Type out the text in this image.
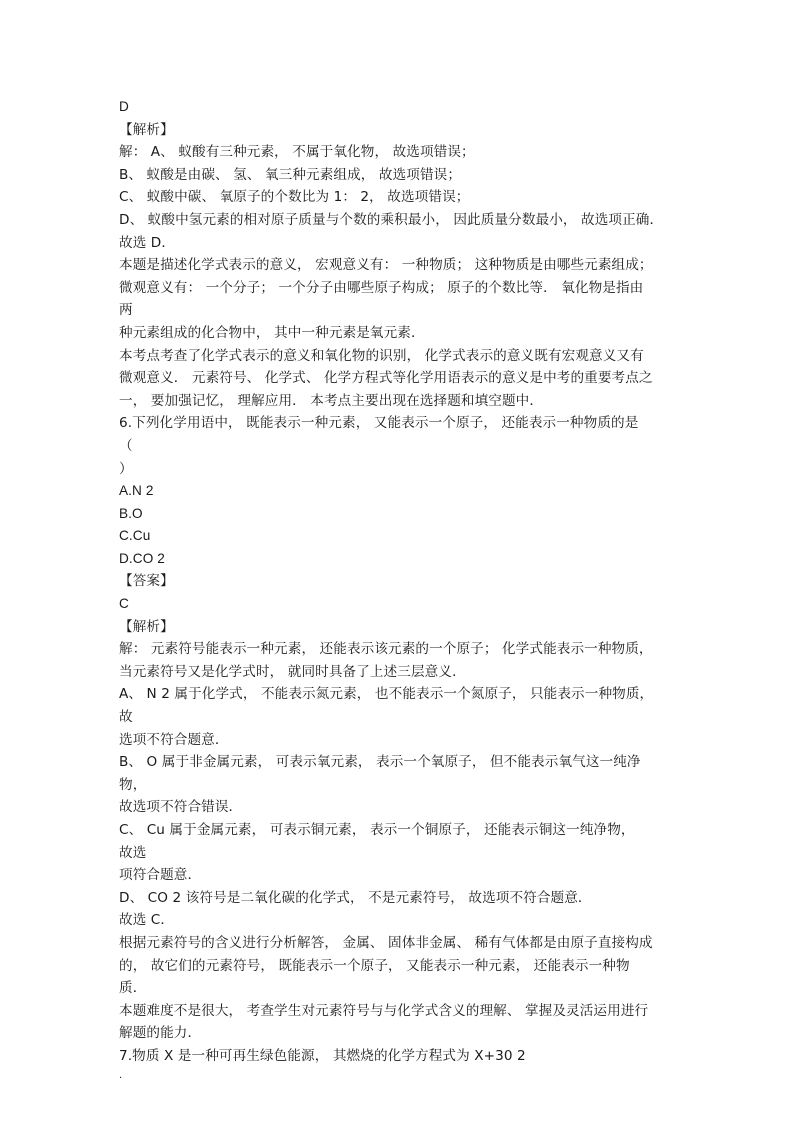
D
【解析】
解： A、 蚁酸有三种元素， 不属于氧化物， 故选项错误；
B、 蚁酸是由碳、 氢、 氧三种元素组成， 故选项错误；
C、 蚁酸中碳、 氧原子的个数比为 1： 2， 故选项错误；
D、 蚁酸中氢元素的相对原子质量与个数的乘积最小， 因此质量分数最小， 故选项正确．
故选 D．
本题是描述化学式表示的意义， 宏观意义有： 一种物质； 这种物质是由哪些元素组成；
微观意义有： 一个分子； 一个分子由哪些原子构成； 原子的个数比等． 氧化物是指由
两
种元素组成的化合物中， 其中一种元素是氧元素．
本考点考查了化学式表示的意义和氧化物的识别， 化学式表示的意义既有宏观意义又有
微观意义． 元素符号、 化学式、 化学方程式等化学用语表示的意义是中考的重要考点之
一， 要加强记忆， 理解应用． 本考点主要出现在选择题和填空题中．
6.下列化学用语中， 既能表示一种元素， 又能表示一个原子， 还能表示一种物质的是
（
）
A.N 2
B.O
C.Cu
D.CO 2
【答案】
C
【解析】
解： 元素符号能表示一种元素， 还能表示该元素的一个原子； 化学式能表示一种物质，
当元素符号又是化学式时， 就同时具备了上述三层意义．
A、 N 2 属于化学式， 不能表示氮元素， 也不能表示一个氮原子， 只能表示一种物质，
故
选项不符合题意．
B、 O 属于非金属元素， 可表示氧元素， 表示一个氧原子， 但不能表示氧气这一纯净
物，
故选项不符合错误．
C、 Cu 属于金属元素， 可表示铜元素， 表示一个铜原子， 还能表示铜这一纯净物，
故选
项符合题意．
D、 CO 2 该符号是二氧化碳的化学式， 不是元素符号， 故选项不符合题意．
故选 C．
根据元素符号的含义进行分析解答， 金属、 固体非金属、 稀有气体都是由原子直接构成
的， 故它们的元素符号， 既能表示一个原子， 又能表示一种元素， 还能表示一种物
质．
本题难度不是很大， 考查学生对元素符号与与化学式含义的理解、 掌握及灵活运用进行
解题的能力．
7.物质 X 是一种可再生绿色能源， 其燃烧的化学方程式为 X+30 2
.
